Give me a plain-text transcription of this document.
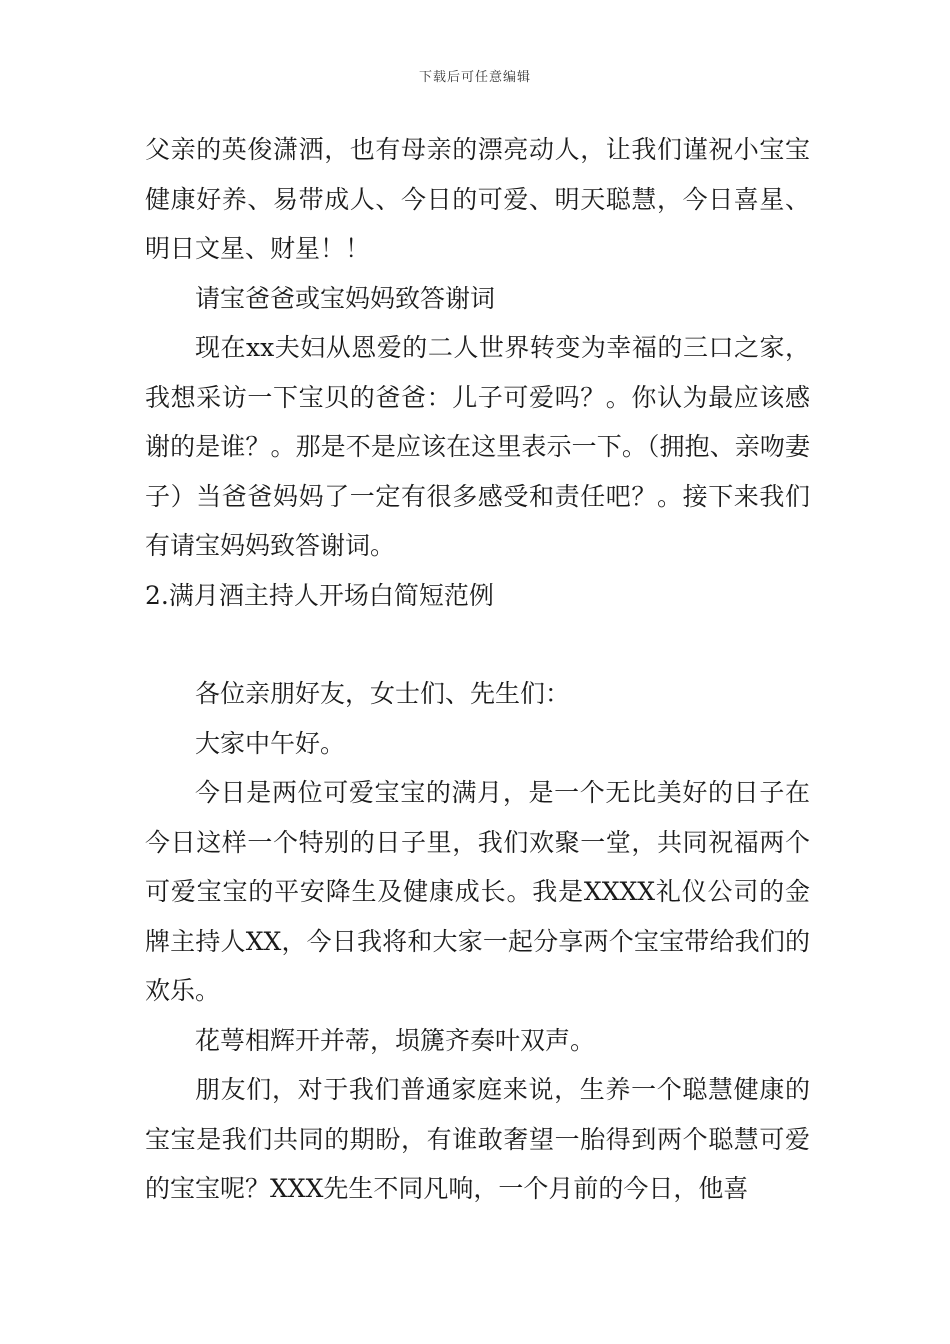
下载后可任意编辑

父亲的英俊潇洒，也有母亲的漂亮动人，让我们谨祝小宝宝健康好养、易带成人、今日的可爱、明天聪慧，今日喜星、明日文星、财星！！

请宝爸爸或宝妈妈致答谢词

现在xx夫妇从恩爱的二人世界转变为幸福的三口之家，我想采访一下宝贝的爸爸：儿子可爱吗？。你认为最应该感谢的是谁？。那是不是应该在这里表示一下。（拥抱、亲吻妻子）当爸爸妈妈了一定有很多感受和责任吧？。接下来我们有请宝妈妈致答谢词。

2.满月酒主持人开场白简短范例

各位亲朋好友，女士们、先生们：

大家中午好。

今日是两位可爱宝宝的满月，是一个无比美好的日子在今日这样一个特别的日子里，我们欢聚一堂，共同祝福两个可爱宝宝的平安降生及健康成长。我是XXXX礼仪公司的金牌主持人XX，今日我将和大家一起分享两个宝宝带给我们的欢乐。

花萼相辉开并蒂，埙篪齐奏叶双声。

朋友们，对于我们普通家庭来说，生养一个聪慧健康的宝宝是我们共同的期盼，有谁敢奢望一胎得到两个聪慧可爱的宝宝呢？XXX先生不同凡响，一个月前的今日，他喜
